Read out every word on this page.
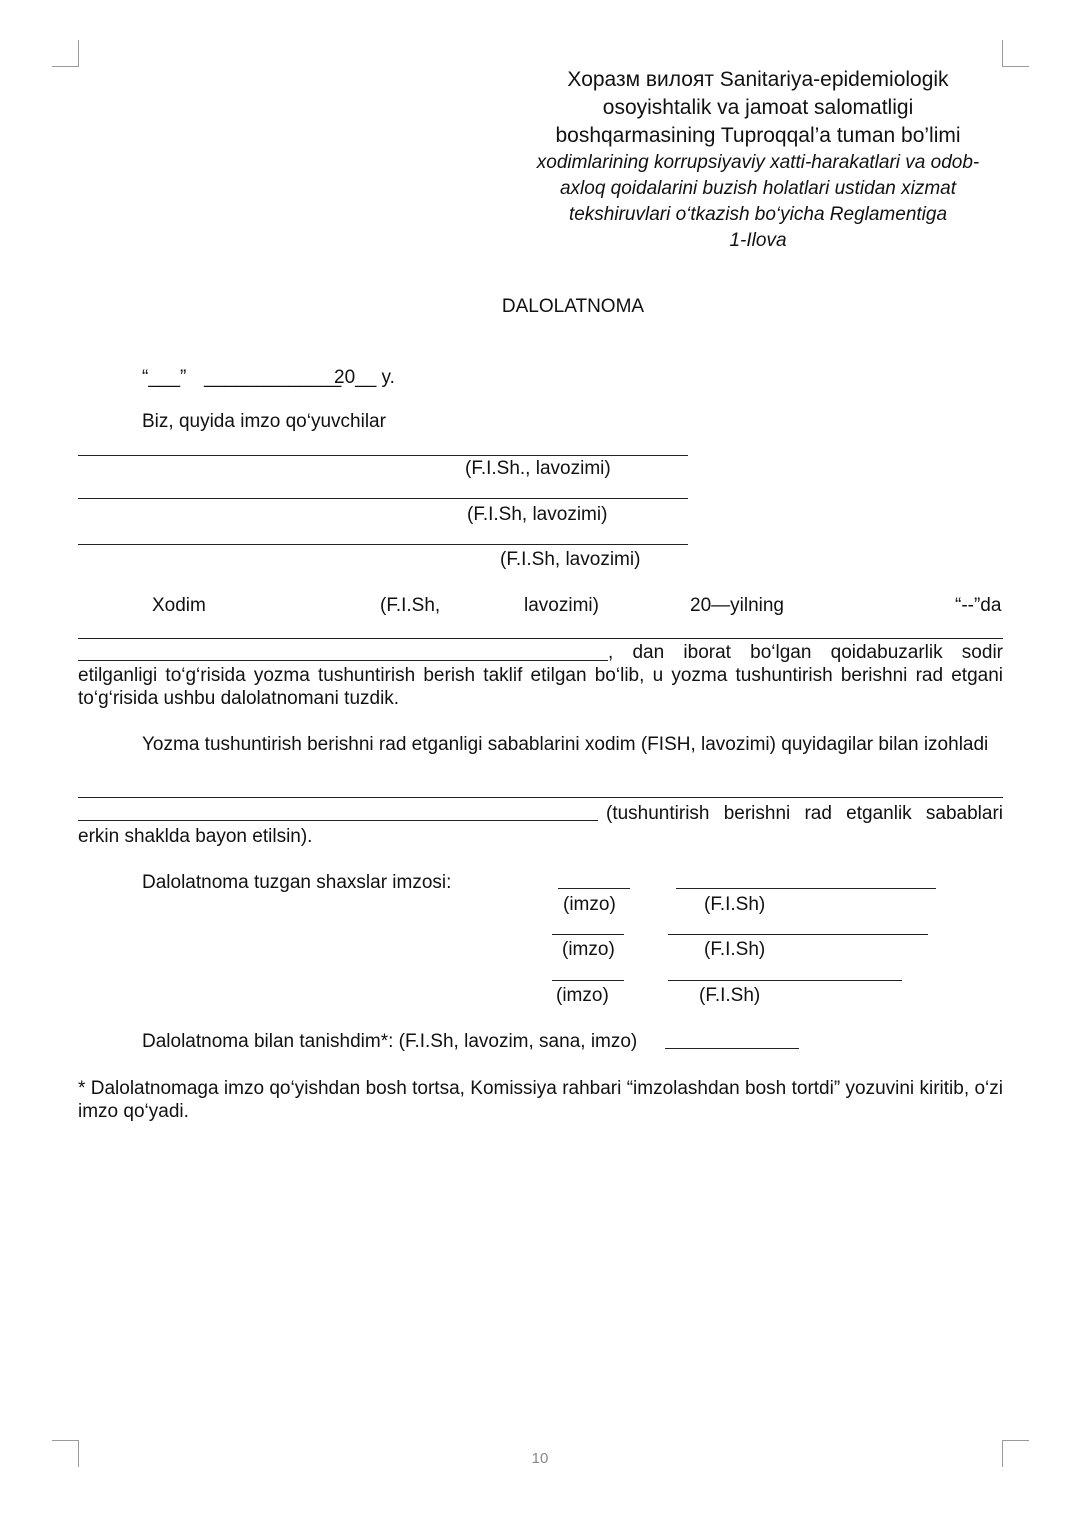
Хоразм вилоят Sanitariya-epidemiologik
osoyishtalik va jamoat salomatligi
boshqarmasining Tuproqqal’a tuman bo’limi
xodimlarining korrupsiyaviy xatti-harakatlari va odob-
axloq qoidalarini buzish holatlari ustidan xizmat
tekshiruvlari o‘tkazish bo‘yicha Reglamentiga
1-Ilova
DALOLATNOMA
“___” _____________
20__ y.
Biz, quyida imzo qo‘yuvchilar
(F.I.Sh., lavozimi)
(F.I.Sh, lavozimi)
(F.I.Sh, lavozimi)
Xodim	(F.I.Sh,	lavozimi)	20—yilning	“--”da
, dan iborat bo‘lgan qoidabuzarlik sodir
etilganligi to‘g‘risida yozma tushuntirish berish taklif etilgan bo‘lib, u yozma tushuntirish berishni rad etgani to‘g‘risida ushbu dalolatnomani tuzdik.
Yozma tushuntirish berishni rad etganligi sabablarini xodim (FISH, lavozimi) quyidagilar bilan izohladi
(tushuntirish berishni rad etganlik sabablari
erkin shaklda bayon etilsin).
Dalolatnoma tuzgan shaxslar imzosi:
(imzo)	(F.I.Sh)
(imzo)	(F.I.Sh)
(imzo)	(F.I.Sh)
Dalolatnoma bilan tanishdim*: (F.I.Sh, lavozim, sana, imzo)
* Dalolatnomaga imzo qo‘yishdan bosh tortsa, Komissiya rahbari “imzolashdan bosh tortdi” yozuvini kiritib, o‘zi imzo qo‘yadi.
10
